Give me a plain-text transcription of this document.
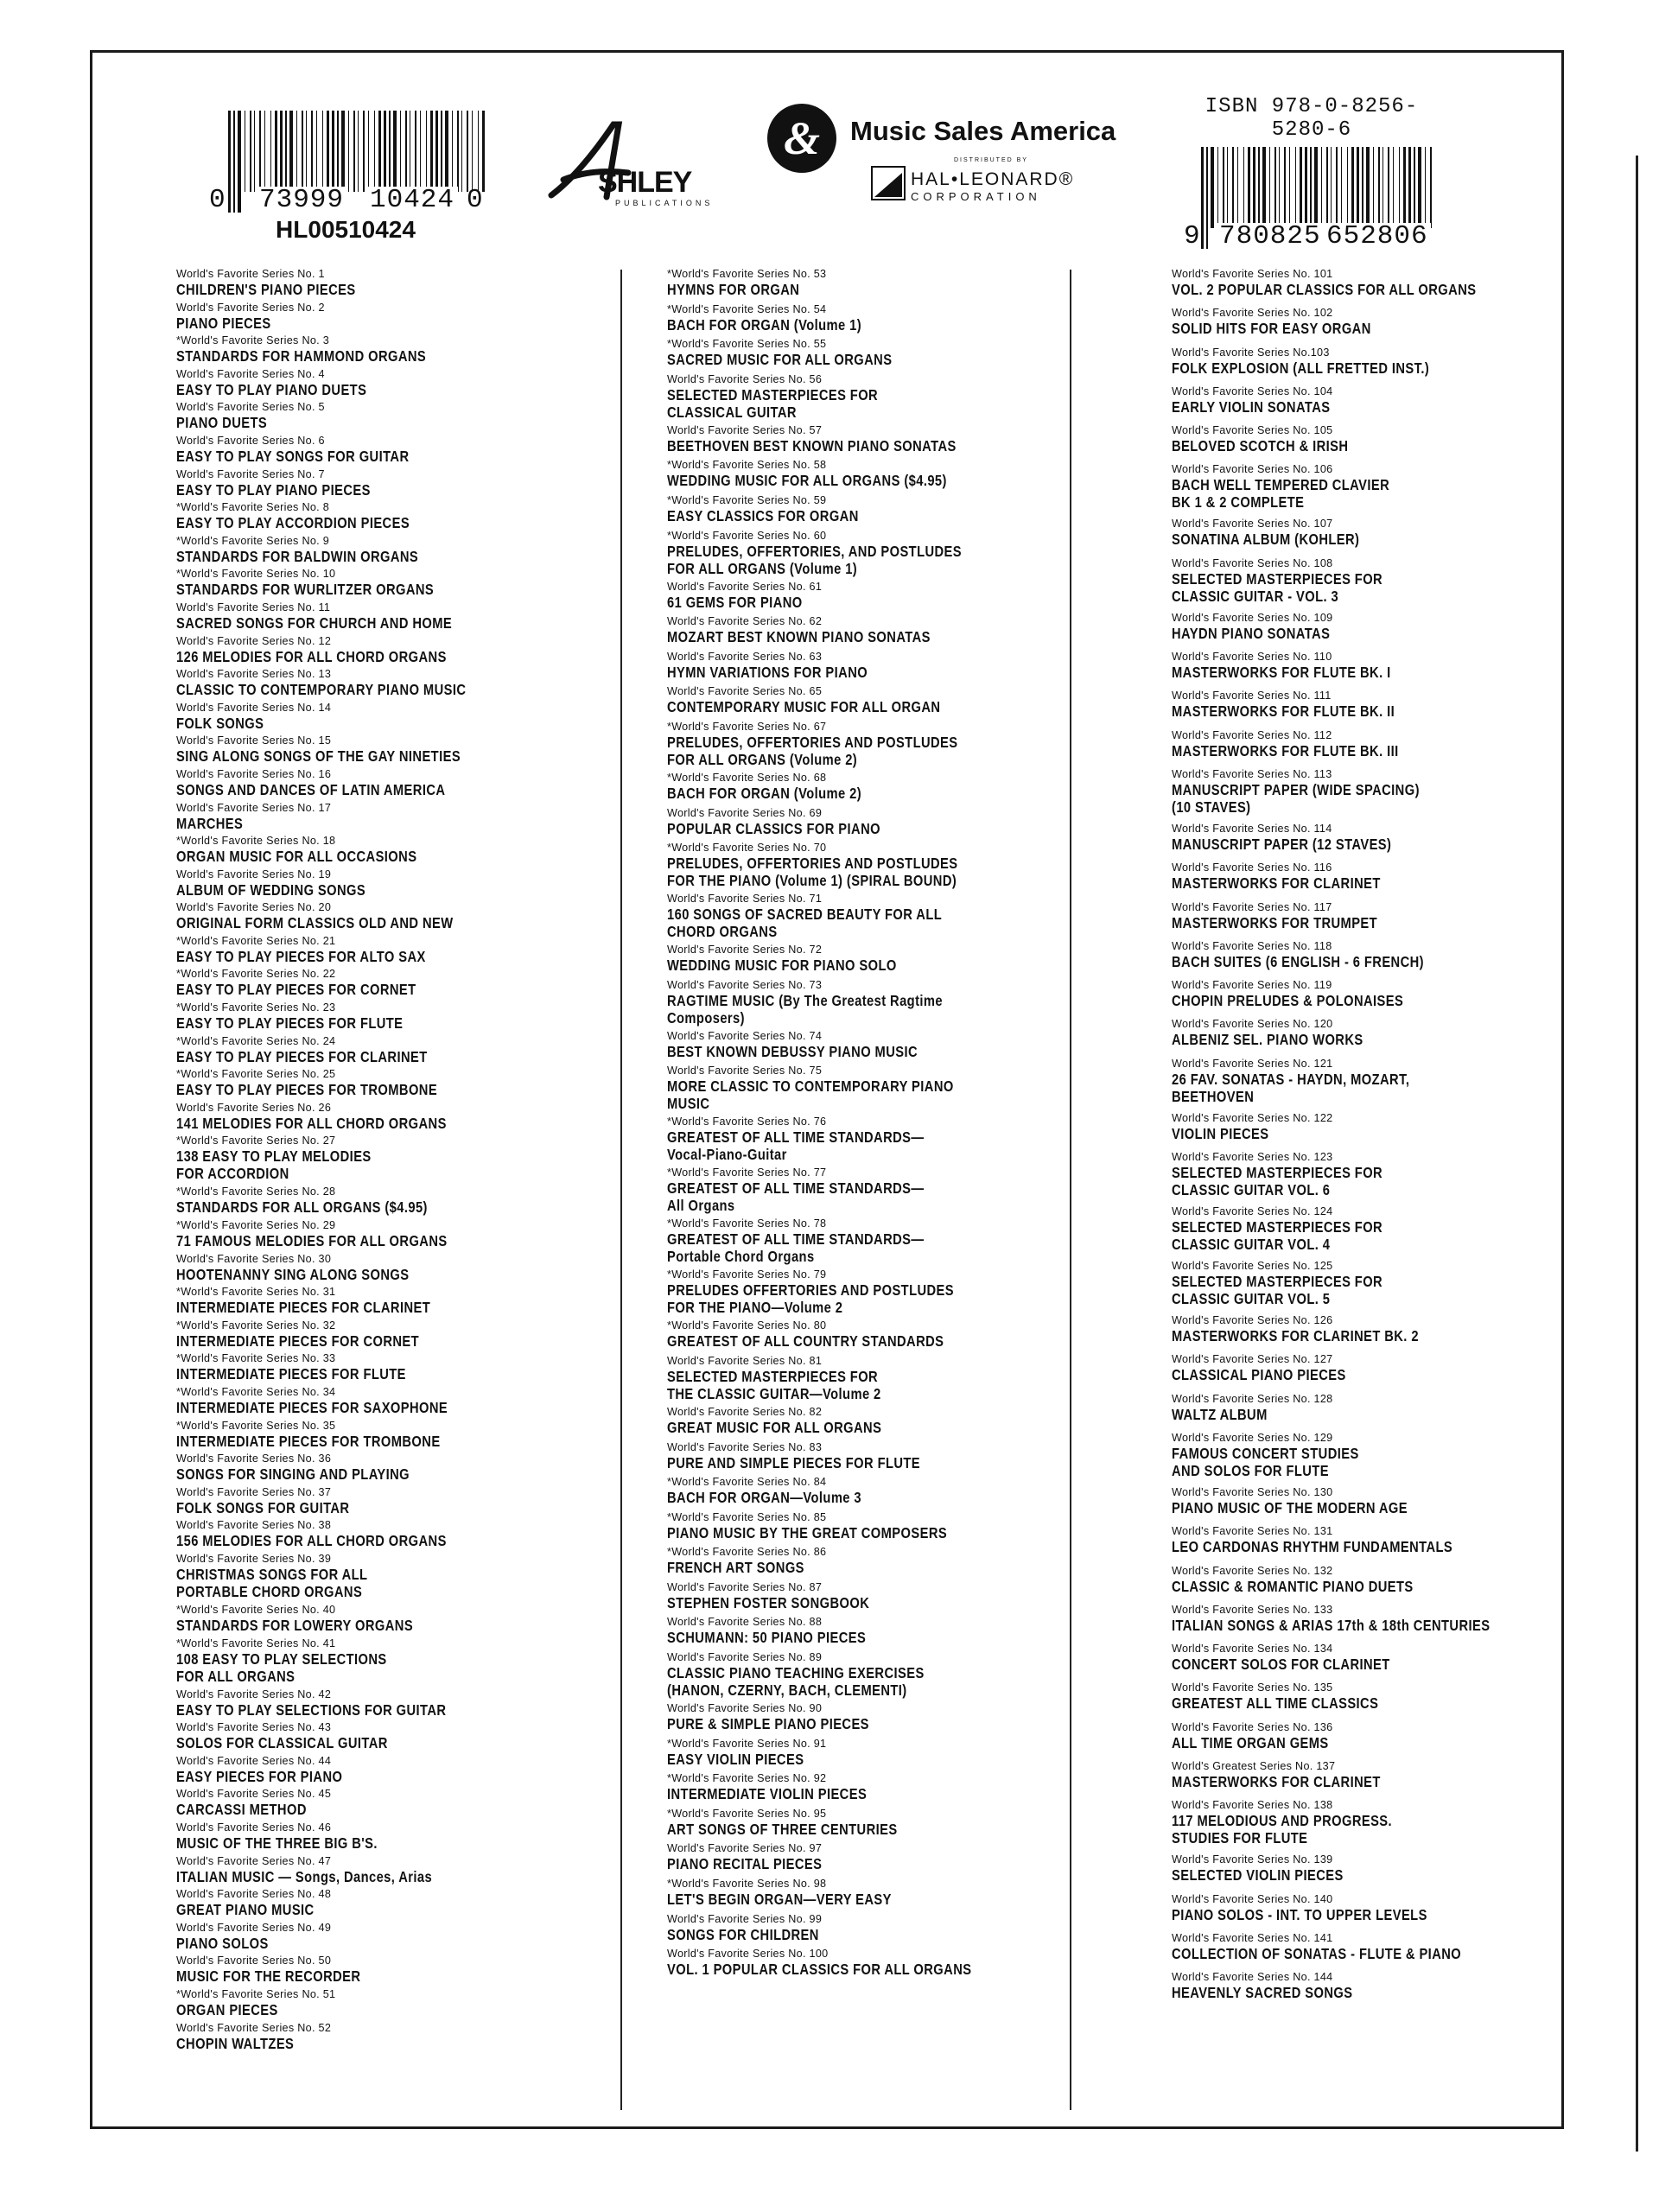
0 73999 10424 0
HL00510424
SHLEY
PUBLICATIONS
& Music Sales America
DISTRIBUTED BY
HAL•LEONARD®
CORPORATION
ISBN 978-0-8256-5280-6
9 780825 652806
World's Favorite Series No. 1
CHILDREN'S PIANO PIECES
World's Favorite Series No. 2
PIANO PIECES
*World's Favorite Series No. 3
STANDARDS FOR HAMMOND ORGANS
World's Favorite Series No. 4
EASY TO PLAY PIANO DUETS
World's Favorite Series No. 5
PIANO DUETS
World's Favorite Series No. 6
EASY TO PLAY SONGS FOR GUITAR
World's Favorite Series No. 7
EASY TO PLAY PIANO PIECES
*World's Favorite Series No. 8
EASY TO PLAY ACCORDION PIECES
*World's Favorite Series No. 9
STANDARDS FOR BALDWIN ORGANS
*World's Favorite Series No. 10
STANDARDS FOR WURLITZER ORGANS
World's Favorite Series No. 11
SACRED SONGS FOR CHURCH AND HOME
World's Favorite Series No. 12
126 MELODIES FOR ALL CHORD ORGANS
World's Favorite Series No. 13
CLASSIC TO CONTEMPORARY PIANO MUSIC
World's Favorite Series No. 14
FOLK SONGS
World's Favorite Series No. 15
SING ALONG SONGS OF THE GAY NINETIES
World's Favorite Series No. 16
SONGS AND DANCES OF LATIN AMERICA
World's Favorite Series No. 17
MARCHES
*World's Favorite Series No. 18
ORGAN MUSIC FOR ALL OCCASIONS
World's Favorite Series No. 19
ALBUM OF WEDDING SONGS
World's Favorite Series No. 20
ORIGINAL FORM CLASSICS OLD AND NEW
*World's Favorite Series No. 21
EASY TO PLAY PIECES FOR ALTO SAX
*World's Favorite Series No. 22
EASY TO PLAY PIECES FOR CORNET
*World's Favorite Series No. 23
EASY TO PLAY PIECES FOR FLUTE
*World's Favorite Series No. 24
EASY TO PLAY PIECES FOR CLARINET
*World's Favorite Series No. 25
EASY TO PLAY PIECES FOR TROMBONE
World's Favorite Series No. 26
141 MELODIES FOR ALL CHORD ORGANS
*World's Favorite Series No. 27
138 EASY TO PLAY MELODIES
FOR ACCORDION
*World's Favorite Series No. 28
STANDARDS FOR ALL ORGANS ($4.95)
*World's Favorite Series No. 29
71 FAMOUS MELODIES FOR ALL ORGANS
World's Favorite Series No. 30
HOOTENANNY SING ALONG SONGS
*World's Favorite Series No. 31
INTERMEDIATE PIECES FOR CLARINET
*World's Favorite Series No. 32
INTERMEDIATE PIECES FOR CORNET
*World's Favorite Series No. 33
INTERMEDIATE PIECES FOR FLUTE
*World's Favorite Series No. 34
INTERMEDIATE PIECES FOR SAXOPHONE
*World's Favorite Series No. 35
INTERMEDIATE PIECES FOR TROMBONE
World's Favorite Series No. 36
SONGS FOR SINGING AND PLAYING
World's Favorite Series No. 37
FOLK SONGS FOR GUITAR
World's Favorite Series No. 38
156 MELODIES FOR ALL CHORD ORGANS
World's Favorite Series No. 39
CHRISTMAS SONGS FOR ALL
PORTABLE CHORD ORGANS
*World's Favorite Series No. 40
STANDARDS FOR LOWERY ORGANS
*World's Favorite Series No. 41
108 EASY TO PLAY SELECTIONS
FOR ALL ORGANS
World's Favorite Series No. 42
EASY TO PLAY SELECTIONS FOR GUITAR
World's Favorite Series No. 43
SOLOS FOR CLASSICAL GUITAR
World's Favorite Series No. 44
EASY PIECES FOR PIANO
World's Favorite Series No. 45
CARCASSI METHOD
World's Favorite Series No. 46
MUSIC OF THE THREE BIG B'S.
World's Favorite Series No. 47
ITALIAN MUSIC — Songs, Dances, Arias
World's Favorite Series No. 48
GREAT PIANO MUSIC
World's Favorite Series No. 49
PIANO SOLOS
World's Favorite Series No. 50
MUSIC FOR THE RECORDER
*World's Favorite Series No. 51
ORGAN PIECES
World's Favorite Series No. 52
CHOPIN WALTZES
*World's Favorite Series No. 53
HYMNS FOR ORGAN
*World's Favorite Series No. 54
BACH FOR ORGAN (Volume 1)
*World's Favorite Series No. 55
SACRED MUSIC FOR ALL ORGANS
World's Favorite Series No. 56
SELECTED MASTERPIECES FOR
CLASSICAL GUITAR
World's Favorite Series No. 57
BEETHOVEN BEST KNOWN PIANO SONATAS
*World's Favorite Series No. 58
WEDDING MUSIC FOR ALL ORGANS ($4.95)
*World's Favorite Series No. 59
EASY CLASSICS FOR ORGAN
*World's Favorite Series No. 60
PRELUDES, OFFERTORIES, AND POSTLUDES
FOR ALL ORGANS (Volume 1)
World's Favorite Series No. 61
61 GEMS FOR PIANO
World's Favorite Series No. 62
MOZART BEST KNOWN PIANO SONATAS
World's Favorite Series No. 63
HYMN VARIATIONS FOR PIANO
World's Favorite Series No. 65
CONTEMPORARY MUSIC FOR ALL ORGAN
*World's Favorite Series No. 67
PRELUDES, OFFERTORIES AND POSTLUDES
FOR ALL ORGANS (Volume 2)
*World's Favorite Series No. 68
BACH FOR ORGAN (Volume 2)
World's Favorite Series No. 69
POPULAR CLASSICS FOR PIANO
*World's Favorite Series No. 70
PRELUDES, OFFERTORIES AND POSTLUDES
FOR THE PIANO (Volume 1) (SPIRAL BOUND)
World's Favorite Series No. 71
160 SONGS OF SACRED BEAUTY FOR ALL
CHORD ORGANS
World's Favorite Series No. 72
WEDDING MUSIC FOR PIANO SOLO
World's Favorite Series No. 73
RAGTIME MUSIC (By The Greatest Ragtime
Composers)
World's Favorite Series No. 74
BEST KNOWN DEBUSSY PIANO MUSIC
World's Favorite Series No. 75
MORE CLASSIC TO CONTEMPORARY PIANO
MUSIC
*World's Favorite Series No. 76
GREATEST OF ALL TIME STANDARDS—
Vocal-Piano-Guitar
*World's Favorite Series No. 77
GREATEST OF ALL TIME STANDARDS—
All Organs
*World's Favorite Series No. 78
GREATEST OF ALL TIME STANDARDS—
Portable Chord Organs
*World's Favorite Series No. 79
PRELUDES OFFERTORIES AND POSTLUDES
FOR THE PIANO—Volume 2
*World's Favorite Series No. 80
GREATEST OF ALL COUNTRY STANDARDS
World's Favorite Series No. 81
SELECTED MASTERPIECES FOR
THE CLASSIC GUITAR—Volume 2
World's Favorite Series No. 82
GREAT MUSIC FOR ALL ORGANS
World's Favorite Series No. 83
PURE AND SIMPLE PIECES FOR FLUTE
*World's Favorite Series No. 84
BACH FOR ORGAN—Volume 3
*World's Favorite Series No. 85
PIANO MUSIC BY THE GREAT COMPOSERS
*World's Favorite Series No. 86
FRENCH ART SONGS
World's Favorite Series No. 87
STEPHEN FOSTER SONGBOOK
World's Favorite Series No. 88
SCHUMANN: 50 PIANO PIECES
World's Favorite Series No. 89
CLASSIC PIANO TEACHING EXERCISES
(HANON, CZERNY, BACH, CLEMENTI)
World's Favorite Series No. 90
PURE & SIMPLE PIANO PIECES
*World's Favorite Series No. 91
EASY VIOLIN PIECES
*World's Favorite Series No. 92
INTERMEDIATE VIOLIN PIECES
*World's Favorite Series No. 95
ART SONGS OF THREE CENTURIES
World's Favorite Series No. 97
PIANO RECITAL PIECES
*World's Favorite Series No. 98
LET'S BEGIN ORGAN—VERY EASY
World's Favorite Series No. 99
SONGS FOR CHILDREN
World's Favorite Series No. 100
VOL. 1 POPULAR CLASSICS FOR ALL ORGANS
World's Favorite Series No. 101
VOL. 2 POPULAR CLASSICS FOR ALL ORGANS
World's Favorite Series No. 102
SOLID HITS FOR EASY ORGAN
World's Favorite Series No.103
FOLK EXPLOSION (ALL FRETTED INST.)
World's Favorite Series No. 104
EARLY VIOLIN SONATAS
World's Favorite Series No. 105
BELOVED SCOTCH & IRISH
World's Favorite Series No. 106
BACH WELL TEMPERED CLAVIER
BK 1 & 2 COMPLETE
World's Favorite Series No. 107
SONATINA ALBUM (KOHLER)
World's Favorite Series No. 108
SELECTED MASTERPIECES FOR
CLASSIC GUITAR - VOL. 3
World's Favorite Series No. 109
HAYDN PIANO SONATAS
World's Favorite Series No. 110
MASTERWORKS FOR FLUTE BK. I
World's Favorite Series No. 111
MASTERWORKS FOR FLUTE BK. II
World's Favorite Series No. 112
MASTERWORKS FOR FLUTE BK. III
World's Favorite Series No. 113
MANUSCRIPT PAPER (WIDE SPACING)
(10 STAVES)
World's Favorite Series No. 114
MANUSCRIPT PAPER (12 STAVES)
World's Favorite Series No. 116
MASTERWORKS FOR CLARINET
World's Favorite Series No. 117
MASTERWORKS FOR TRUMPET
World's Favorite Series No. 118
BACH SUITES (6 ENGLISH - 6 FRENCH)
World's Favorite Series No. 119
CHOPIN PRELUDES & POLONAISES
World's Favorite Series No. 120
ALBENIZ SEL. PIANO WORKS
World's Favorite Series No. 121
26 FAV. SONATAS - HAYDN, MOZART,
BEETHOVEN
World's Favorite Series No. 122
VIOLIN PIECES
World's Favorite Series No. 123
SELECTED MASTERPIECES FOR
CLASSIC GUITAR VOL. 6
World's Favorite Series No. 124
SELECTED MASTERPIECES FOR
CLASSIC GUITAR VOL. 4
World's Favorite Series No. 125
SELECTED MASTERPIECES FOR
CLASSIC GUITAR VOL. 5
World's Favorite Series No. 126
MASTERWORKS FOR CLARINET BK. 2
World's Favorite Series No. 127
CLASSICAL PIANO PIECES
World's Favorite Series No. 128
WALTZ ALBUM
World's Favorite Series No. 129
FAMOUS CONCERT STUDIES
AND SOLOS FOR FLUTE
World's Favorite Series No. 130
PIANO MUSIC OF THE MODERN AGE
World's Favorite Series No. 131
LEO CARDONAS RHYTHM FUNDAMENTALS
World's Favorite Series No. 132
CLASSIC & ROMANTIC PIANO DUETS
World's Favorite Series No. 133
ITALIAN SONGS & ARIAS 17th & 18th CENTURIES
World's Favorite Series No. 134
CONCERT SOLOS FOR CLARINET
World's Favorite Series No. 135
GREATEST ALL TIME CLASSICS
World's Favorite Series No. 136
ALL TIME ORGAN GEMS
World's Greatest Series No. 137
MASTERWORKS FOR CLARINET
World's Favorite Series No. 138
117 MELODIOUS AND PROGRESS.
STUDIES FOR FLUTE
World's Favorite Series No. 139
SELECTED VIOLIN PIECES
World's Favorite Series No. 140
PIANO SOLOS - INT. TO UPPER LEVELS
World's Favorite Series No. 141
COLLECTION OF SONATAS - FLUTE & PIANO
World's Favorite Series No. 144
HEAVENLY SACRED SONGS
